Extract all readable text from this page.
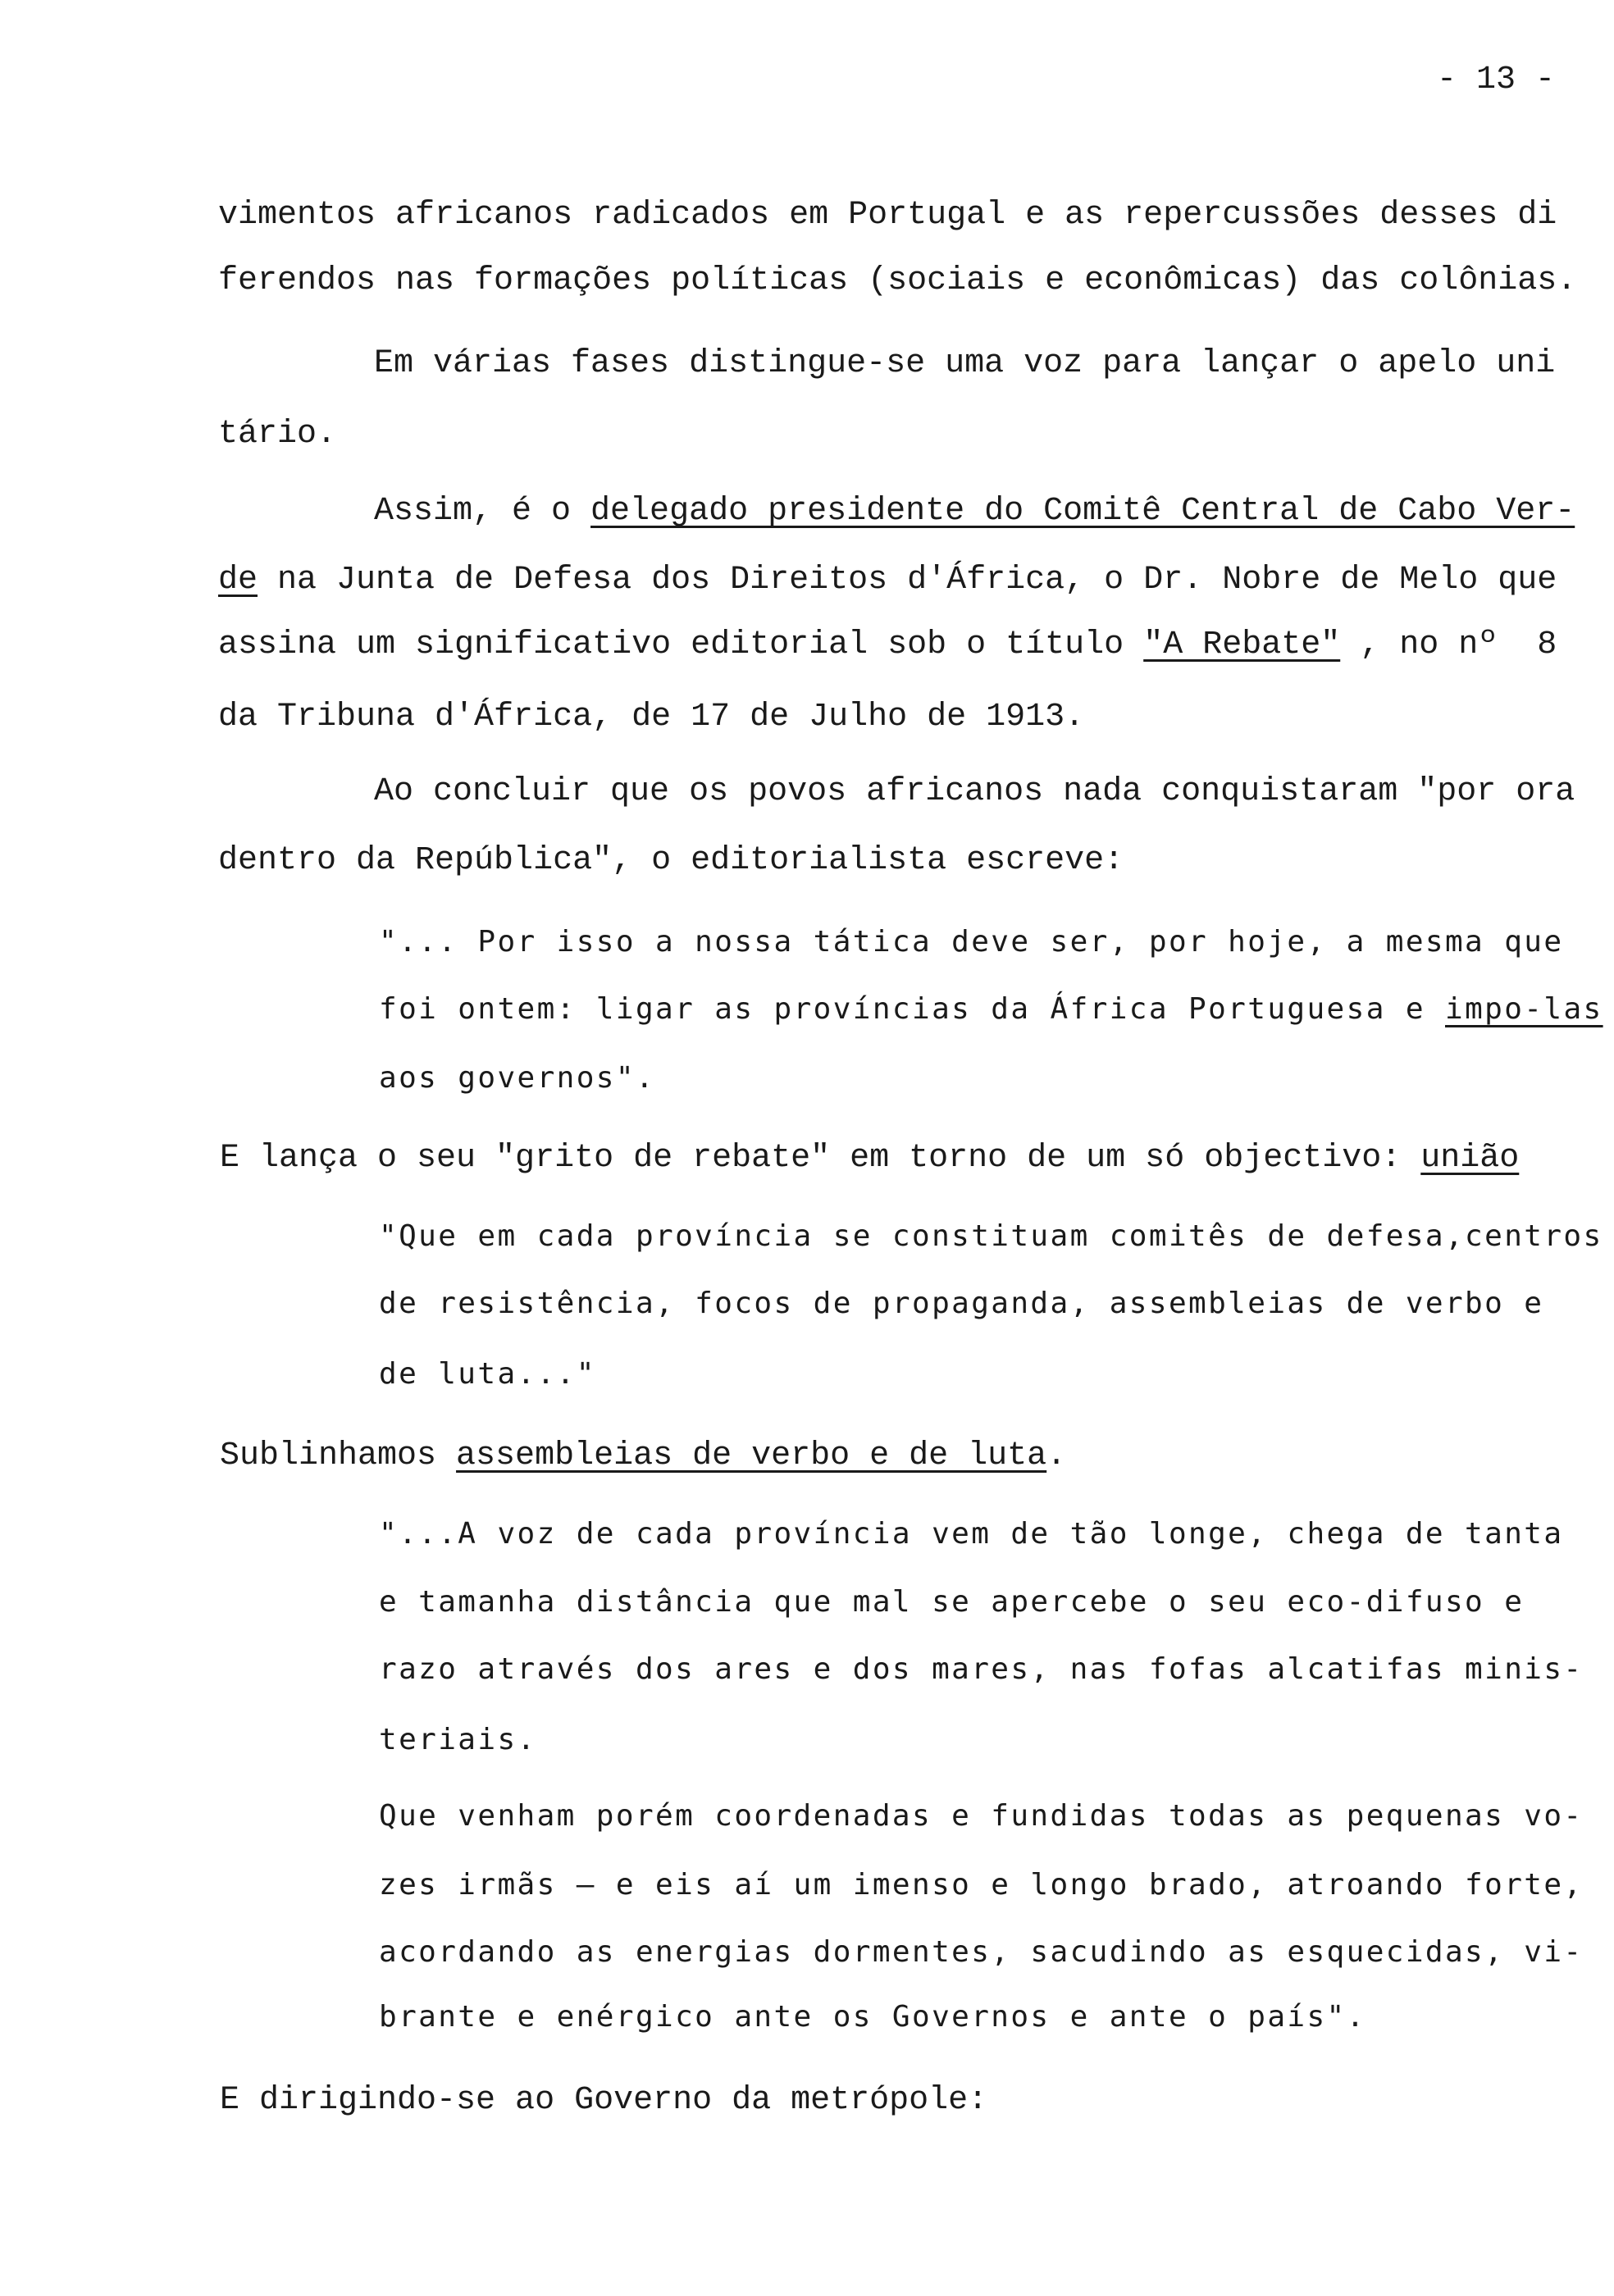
- 13 -
vimentos africanos radicados em Portugal e as repercussões desses di
ferendos nas formações políticas (sociais e econômicas) das colônias.
Em várias fases distingue-se uma voz para lançar o apelo uni
tário.
Assim, é o delegado presidente do Comitê Central de Cabo Ver-
de na Junta de Defesa dos Direitos d'África, o Dr. Nobre de Melo que
assina um significativo editorial sob o título "A Rebate" , no nº  8
da Tribuna d'África, de 17 de Julho de 1913.
Ao concluir que os povos africanos nada conquistaram "por ora
dentro da República", o editorialista escreve:
"... Por isso a nossa tática deve ser, por hoje, a mesma que
foi ontem: ligar as províncias da África Portuguesa e impo-las
aos governos".
E lança o seu "grito de rebate" em torno de um só objectivo: união
"Que em cada província se constituam comitês de defesa,centros
de resistência, focos de propaganda, assembleias de verbo e
de luta..."
Sublinhamos assembleias de verbo e de luta.
"...A voz de cada província vem de tão longe, chega de tanta
e tamanha distância que mal se apercebe o seu eco-difuso e
razo através dos ares e dos mares, nas fofas alcatifas minis-
teriais.
Que venham porém coordenadas e fundidas todas as pequenas vo-
zes irmãs — e eis aí um imenso e longo brado, atroando forte,
acordando as energias dormentes, sacudindo as esquecidas, vi-
brante e enérgico ante os Governos e ante o país".
E dirigindo-se ao Governo da metrópole:
